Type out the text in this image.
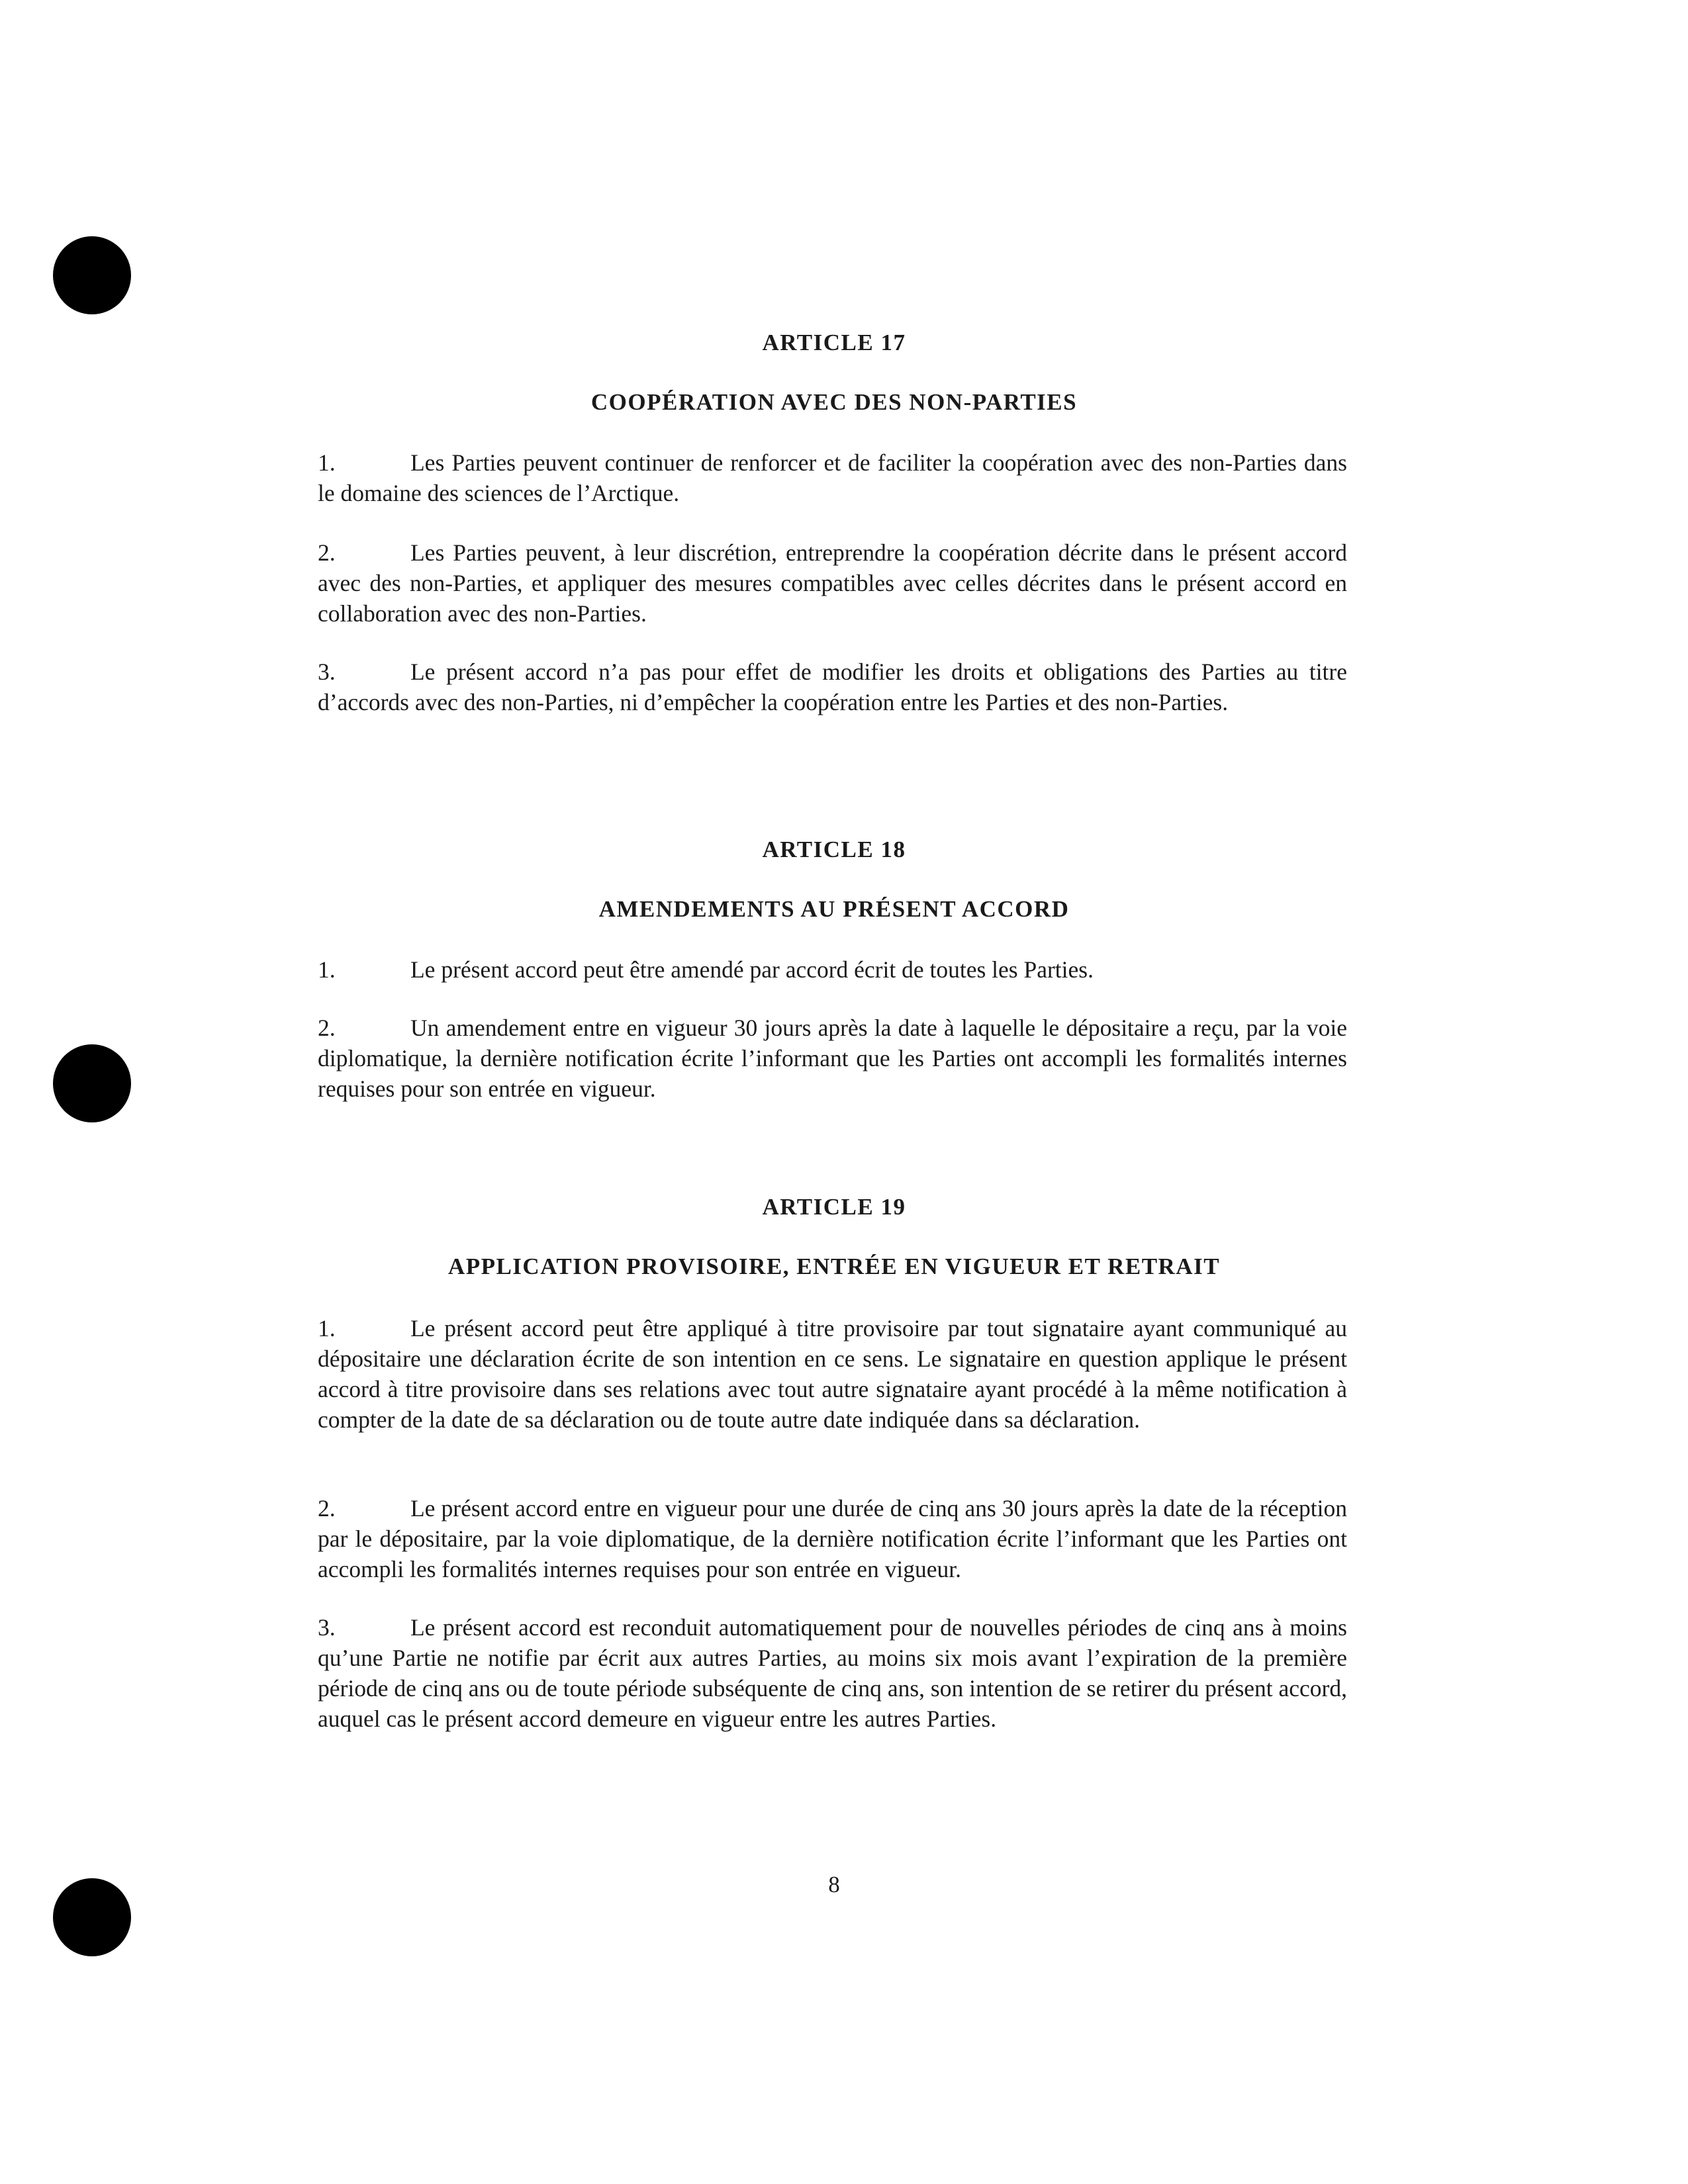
ARTICLE 17
COOPÉRATION AVEC DES NON-PARTIES

1.	Les Parties peuvent continuer de renforcer et de faciliter la coopération avec des non-Parties dans le domaine des sciences de l’Arctique.

2.	Les Parties peuvent, à leur discrétion, entreprendre la coopération décrite dans le présent accord avec des non-Parties, et appliquer des mesures compatibles avec celles décrites dans le présent accord en collaboration avec des non-Parties.

3.	Le présent accord n’a pas pour effet de modifier les droits et obligations des Parties au titre d’accords avec des non-Parties, ni d’empêcher la coopération entre les Parties et des non-Parties.

ARTICLE 18
AMENDEMENTS AU PRÉSENT ACCORD

1.	Le présent accord peut être amendé par accord écrit de toutes les Parties.

2.	Un amendement entre en vigueur 30 jours après la date à laquelle le dépositaire a reçu, par la voie diplomatique, la dernière notification écrite l’informant que les Parties ont accompli les formalités internes requises pour son entrée en vigueur.

ARTICLE 19
APPLICATION PROVISOIRE, ENTRÉE EN VIGUEUR ET RETRAIT

1.	Le présent accord peut être appliqué à titre provisoire par tout signataire ayant communiqué au dépositaire une déclaration écrite de son intention en ce sens. Le signataire en question applique le présent accord à titre provisoire dans ses relations avec tout autre signataire ayant procédé à la même notification à compter de la date de sa déclaration ou de toute autre date indiquée dans sa déclaration.

2.	Le présent accord entre en vigueur pour une durée de cinq ans 30 jours après la date de la réception par le dépositaire, par la voie diplomatique, de la dernière notification écrite l’informant que les Parties ont accompli les formalités internes requises pour son entrée en vigueur.

3.	Le présent accord est reconduit automatiquement pour de nouvelles périodes de cinq ans à moins qu’une Partie ne notifie par écrit aux autres Parties, au moins six mois avant l’expiration de la première période de cinq ans ou de toute période subséquente de cinq ans, son intention de se retirer du présent accord, auquel cas le présent accord demeure en vigueur entre les autres Parties.

8
